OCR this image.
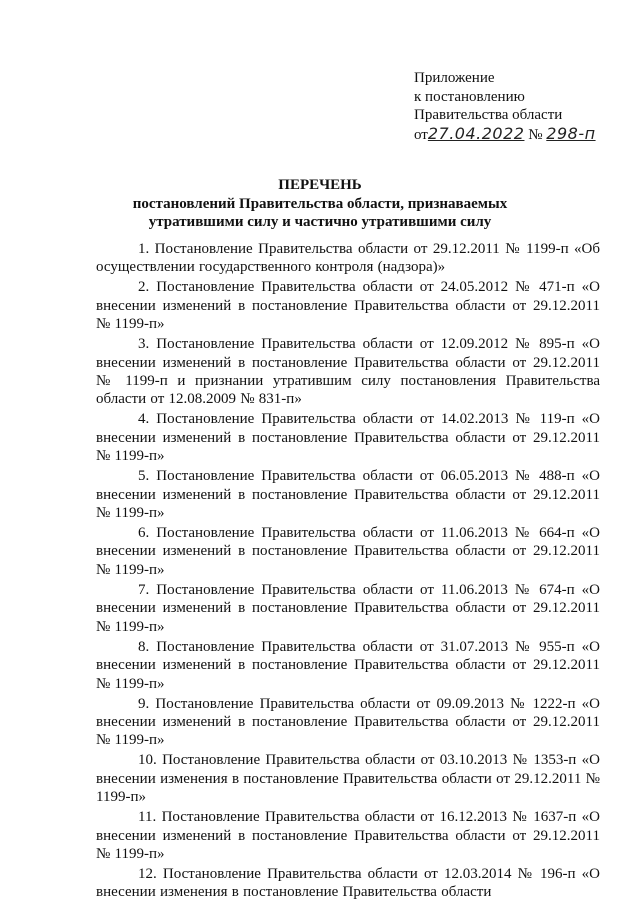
Приложение
к постановлению
Правительства области
от27.04.2022 № 298-п
ПЕРЕЧЕНЬ
постановлений Правительства области, признаваемых
утратившими силу и частично утратившими силу

1. Постановление Правительства области от 29.12.2011 № 1199-п «Об осуществлении государственного контроля (надзора)»

2. Постановление Правительства области от 24.05.2012 № 471-п «О внесении изменений в постановление Правительства области от 29.12.2011 № 1199-п»

3. Постановление Правительства области от 12.09.2012 № 895-п «О внесении изменений в постановление Правительства области от 29.12.2011 № 1199-п и признании утратившим силу постановления Правительства области от 12.08.2009 № 831-п»

4. Постановление Правительства области от 14.02.2013 № 119-п «О внесении изменений в постановление Правительства области от 29.12.2011 № 1199-п»

5. Постановление Правительства области от 06.05.2013 № 488-п «О внесении изменений в постановление Правительства области от 29.12.2011 № 1199-п»

6. Постановление Правительства области от 11.06.2013 № 664-п «О внесении изменений в постановление Правительства области от 29.12.2011 № 1199-п»

7. Постановление Правительства области от 11.06.2013 № 674-п «О внесении изменений в постановление Правительства области от 29.12.2011 № 1199-п»

8. Постановление Правительства области от 31.07.2013 № 955-п «О внесении изменений в постановление Правительства области от 29.12.2011 № 1199-п»

9. Постановление Правительства области от 09.09.2013 № 1222-п «О внесении изменений в постановление Правительства области от 29.12.2011 № 1199-п»

10. Постановление Правительства области от 03.10.2013 № 1353-п «О внесении изменения в постановление Правительства области от 29.12.2011 № 1199-п»

11. Постановление Правительства области от 16.12.2013 № 1637-п «О внесении изменений в постановление Правительства области от 29.12.2011 № 1199-п»

12. Постановление Правительства области от 12.03.2014 № 196-п «О внесении изменения в постановление Правительства области
